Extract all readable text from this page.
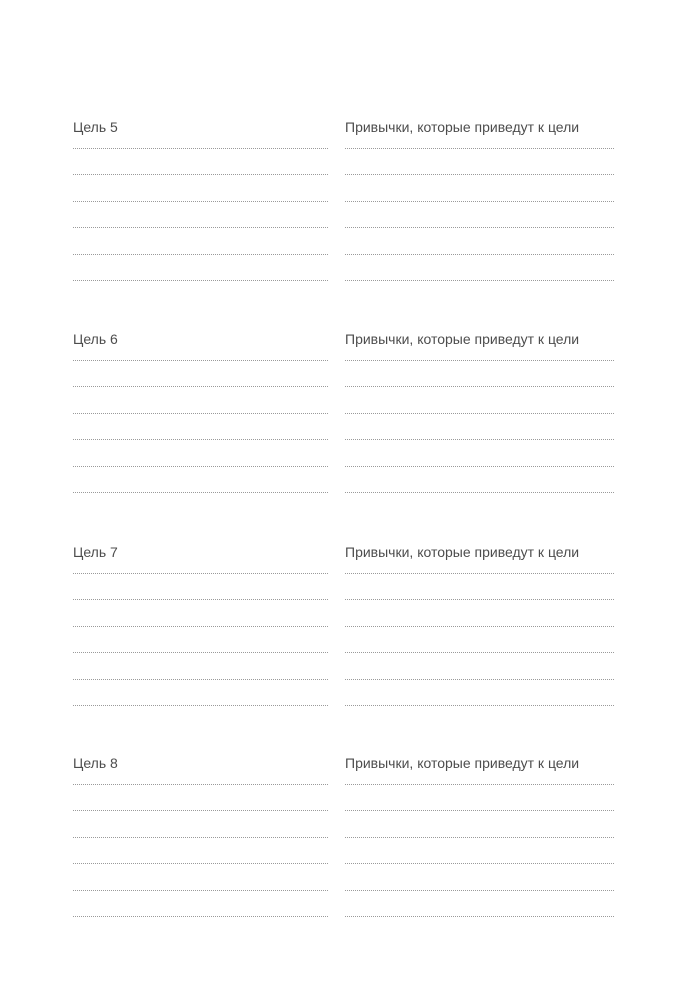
Цель 5	Привычки, которые приведут к цели
Цель 6	Привычки, которые приведут к цели
Цель 7	Привычки, которые приведут к цели
Цель 8	Привычки, которые приведут к цели
